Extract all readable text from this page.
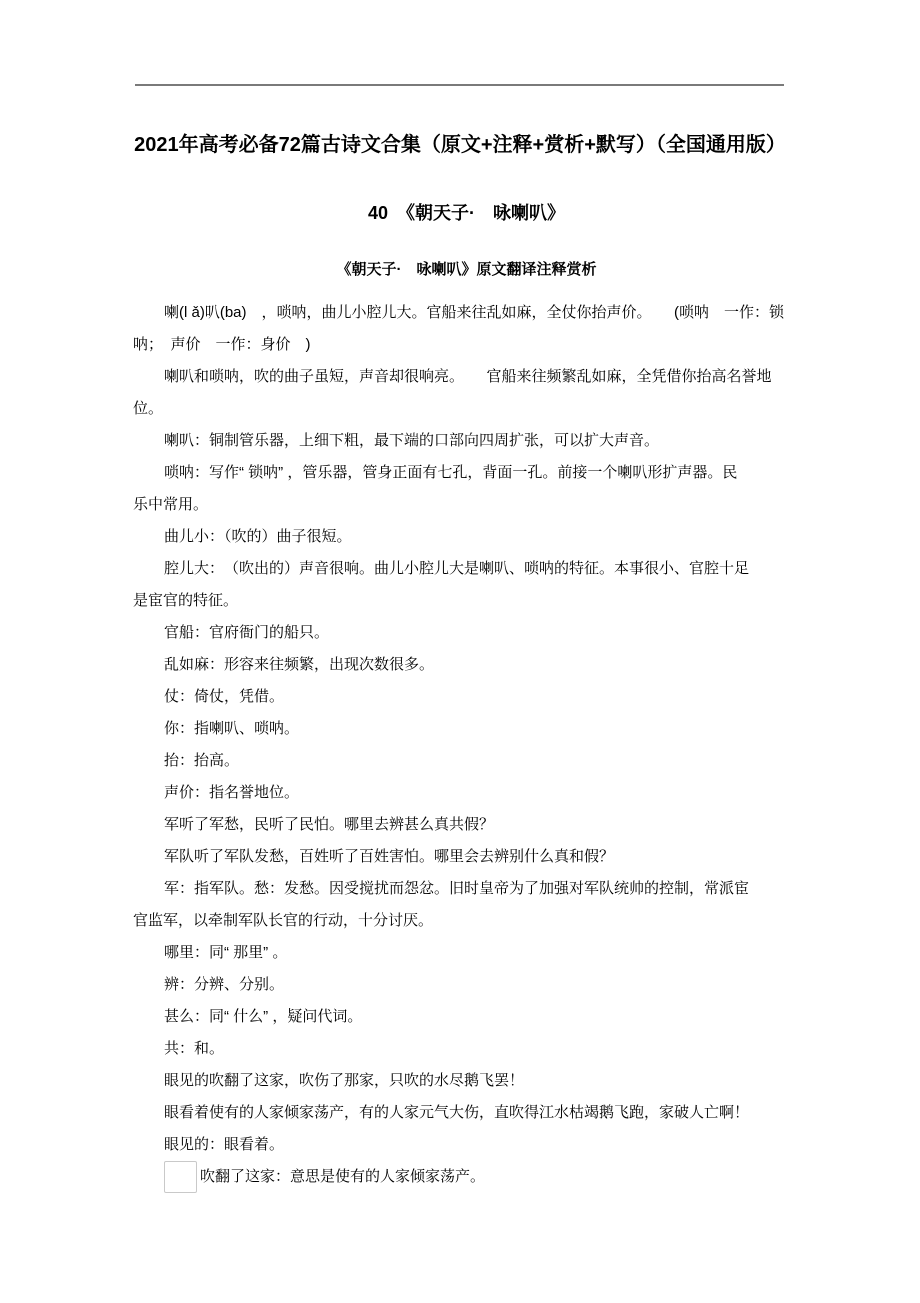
2021年高考必备72篇古诗文合集（原文+注释+赏析+默写）（全国通用版）
40　《朝天子·　咏喇叭》
《朝天子·　咏喇叭》原文翻译注释赏析
喇(l ǎ)叭(ba)　，唢呐，曲儿小腔儿大。官船来往乱如麻，全仗你抬声价。　　(唢呐　一作：锁
呐；　声价　一作：身价　)
喇叭和唢呐，吹的曲子虽短，声音却很响亮。　　官船来往频繁乱如麻，全凭借你抬高名誉地
位。
喇叭：铜制管乐器，上细下粗，最下端的口部向四周扩张，可以扩大声音。
唢呐：写作“ 锁呐” ，管乐器，管身正面有七孔，背面一孔。前接一个喇叭形扩声器。民
乐中常用。
曲儿小：（吹的）曲子很短。
腔儿大：　（吹出的）声音很响。曲儿小腔儿大是喇叭、唢呐的特征。本事很小、官腔十足
是宦官的特征。
官船：官府衙门的船只。
乱如麻：形容来往频繁，出现次数很多。
仗：倚仗，凭借。
你：指喇叭、唢呐。
抬：抬高。
声价：指名誉地位。
军听了军愁，民听了民怕。哪里去辨甚么真共假？
军队听了军队发愁，百姓听了百姓害怕。哪里会去辨别什么真和假？
军：指军队。愁：发愁。因受搅扰而怨忿。旧时皇帝为了加强对军队统帅的控制，常派宦
官监军，以牵制军队长官的行动，十分讨厌。
哪里：同“ 那里” 。
辨：分辨、分别。
甚么：同“ 什么” ，疑问代词。
共：和。
眼见的吹翻了这家，吹伤了那家，只吹的水尽鹅飞罢！
眼看着使有的人家倾家荡产，有的人家元气大伤，直吹得江水枯竭鹅飞跑，家破人亡啊！
眼见的：眼看着。
吹翻了这家：意思是使有的人家倾家荡产。
